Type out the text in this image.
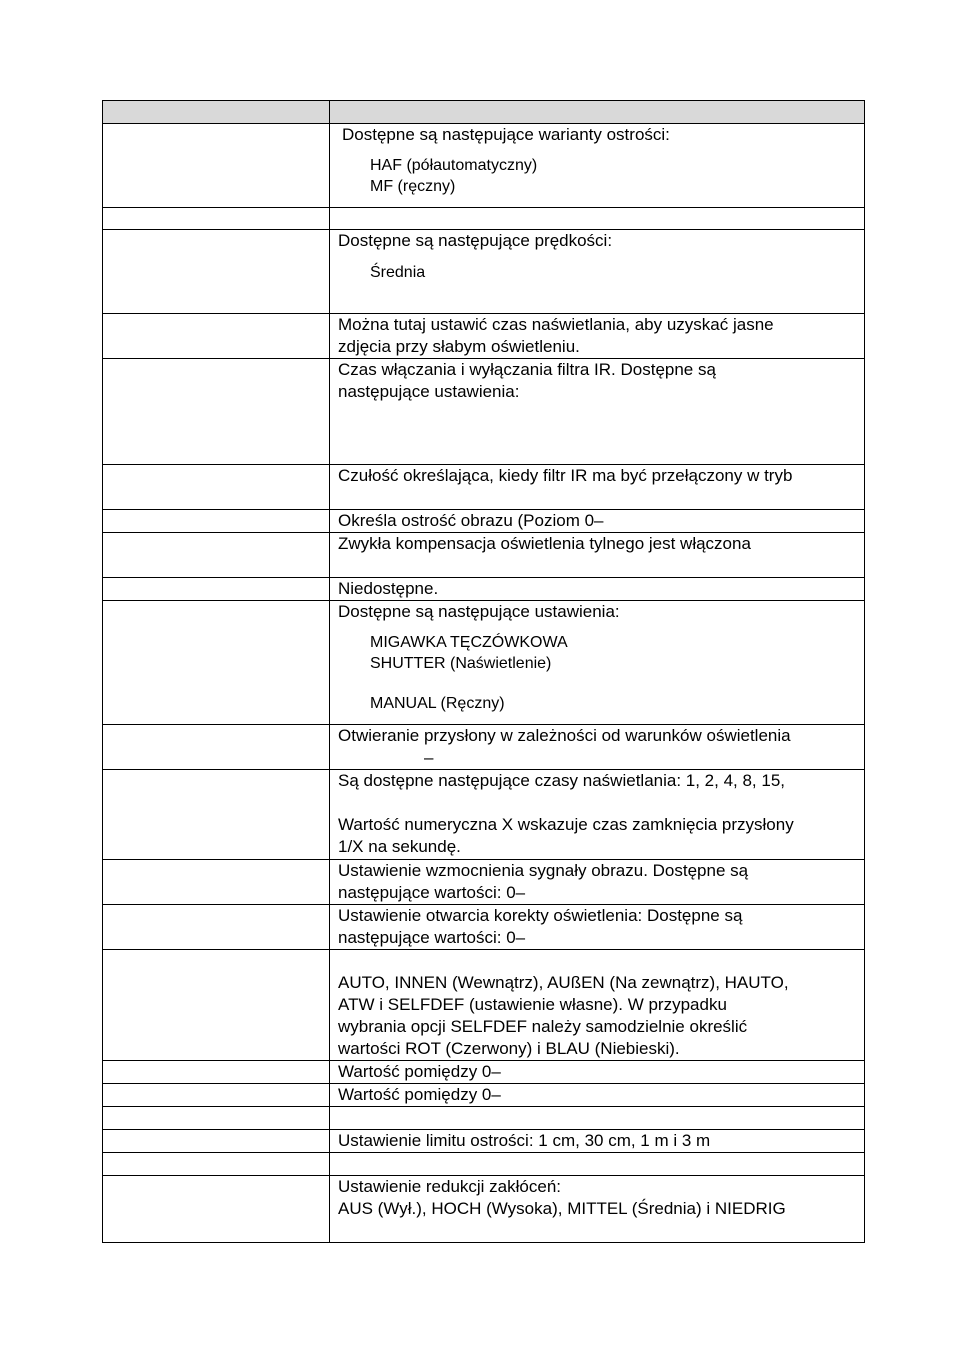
	Dostępne są następujące warianty ostrości:
HAF (półautomatyczny)
MF (ręczny)

	Dostępne są następujące prędkości:
Średnia

	Można tutaj ustawić czas naświetlania, aby uzyskać jasne
zdjęcia przy słabym oświetleniu.

	Czas włączania i wyłączania filtra IR. Dostępne są
następujące ustawienia:

	Czułość określająca, kiedy filtr IR ma być przełączony w tryb

	Określa ostrość obrazu (Poziom 0–

	Zwykła kompensacja oświetlenia tylnego jest włączona

	Niedostępne.

	Dostępne są następujące ustawienia:
MIGAWKA TĘCZÓWKOWA
SHUTTER (Naświetlenie)
MANUAL (Ręczny)

	Otwieranie przysłony w zależności od warunków oświetlenia
–

	Są dostępne następujące czasy naświetlania: 1, 2, 4, 8, 15,
Wartość numeryczna X wskazuje czas zamknięcia przysłony
1/X na sekundę.

	Ustawienie wzmocnienia sygnały obrazu. Dostępne są
następujące wartości: 0–

	Ustawienie otwarcia korekty oświetlenia: Dostępne są
następujące wartości: 0–

	AUTO, INNEN (Wewnątrz), AUßEN (Na zewnątrz), HAUTO,
ATW i SELFDEF (ustawienie własne). W przypadku
wybrania opcji SELFDEF należy samodzielnie określić
wartości ROT (Czerwony) i BLAU (Niebieski).

	Wartość pomiędzy 0–

	Wartość pomiędzy 0–

	Ustawienie limitu ostrości: 1 cm, 30 cm, 1 m i 3 m

	Ustawienie redukcji zakłóceń:
AUS (Wył.), HOCH (Wysoka), MITTEL (Średnia) i NIEDRIG
